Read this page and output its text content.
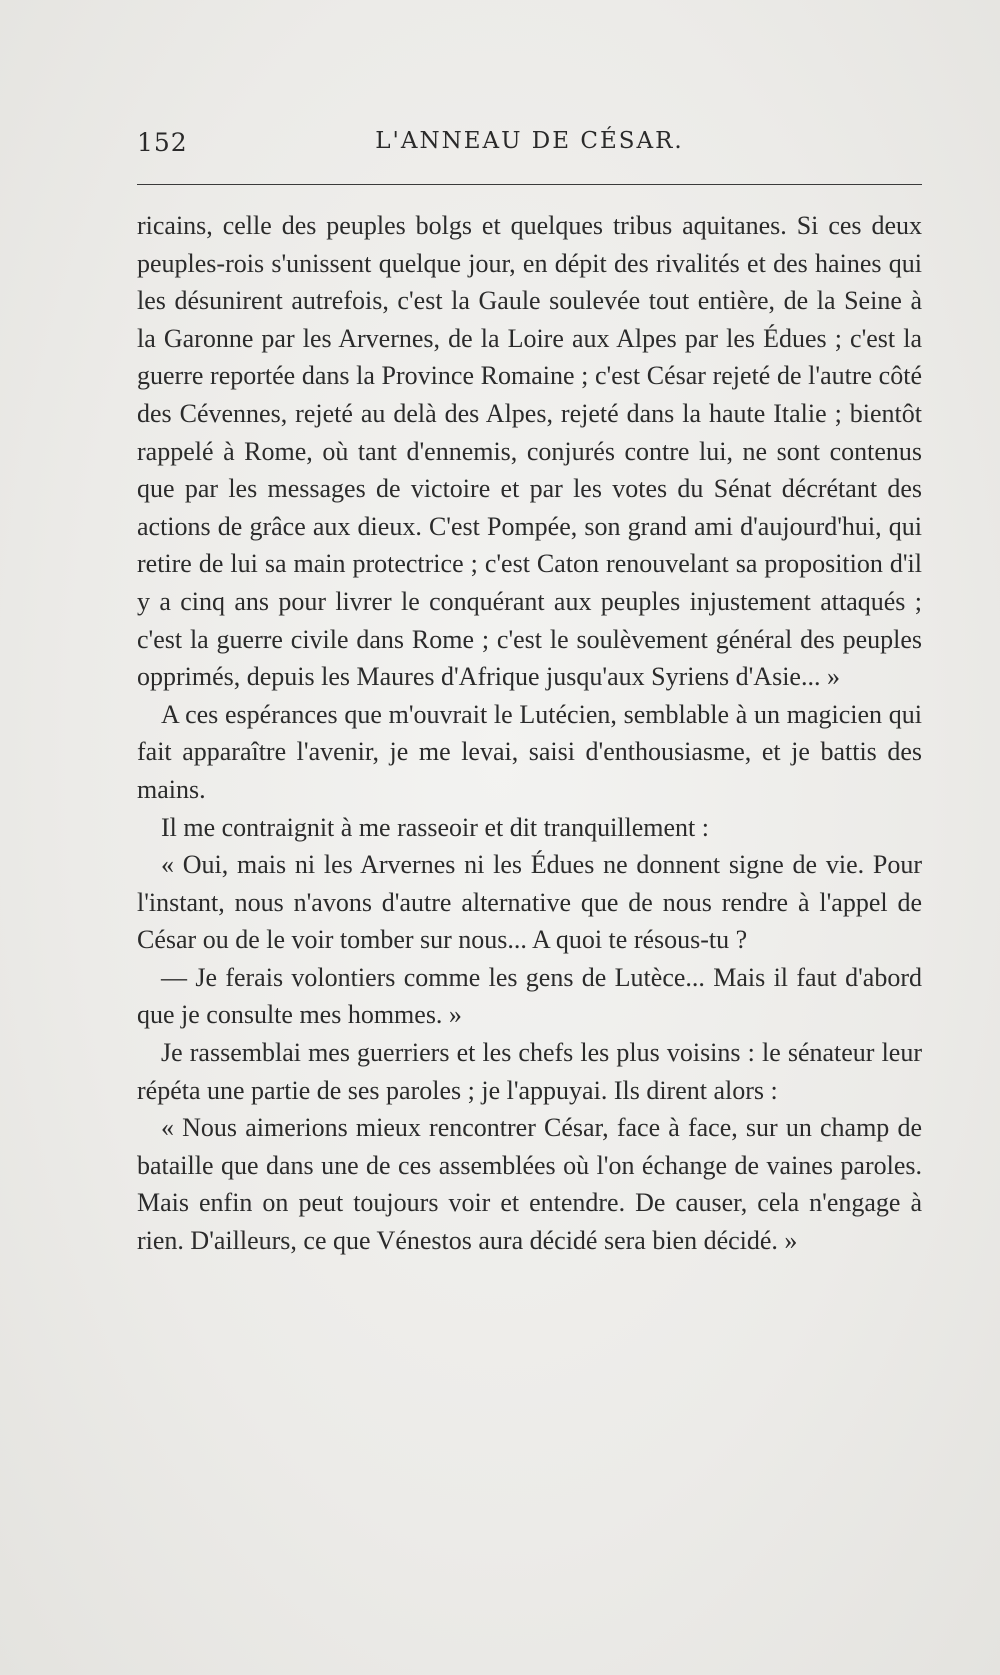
152	L'ANNEAU DE CÉSAR.

ricains, celle des peuples bolgs et quelques tribus aquitanes. Si ces deux peuples-rois s'unissent quelque jour, en dépit des rivalités et des haines qui les désunirent autrefois, c'est la Gaule soulevée tout entière, de la Seine à la Garonne par les Arvernes, de la Loire aux Alpes par les Édues ; c'est la guerre reportée dans la Province Romaine ; c'est César rejeté de l'autre côté des Cévennes, rejeté au delà des Alpes, rejeté dans la haute Italie ; bientôt rappelé à Rome, où tant d'ennemis, conjurés contre lui, ne sont contenus que par les messages de victoire et par les votes du Sénat décrétant des actions de grâce aux dieux. C'est Pompée, son grand ami d'aujourd'hui, qui retire de lui sa main protectrice ; c'est Caton renouvelant sa proposition d'il y a cinq ans pour livrer le conquérant aux peuples injustement attaqués ; c'est la guerre civile dans Rome ; c'est le soulèvement général des peuples opprimés, depuis les Maures d'Afrique jusqu'aux Syriens d'Asie... »

A ces espérances que m'ouvrait le Lutécien, semblable à un magicien qui fait apparaître l'avenir, je me levai, saisi d'enthousiasme, et je battis des mains.

Il me contraignit à me rasseoir et dit tranquillement :

« Oui, mais ni les Arvernes ni les Édues ne donnent signe de vie. Pour l'instant, nous n'avons d'autre alternative que de nous rendre à l'appel de César ou de le voir tomber sur nous... A quoi te résous-tu ?

— Je ferais volontiers comme les gens de Lutèce... Mais il faut d'abord que je consulte mes hommes. »

Je rassemblai mes guerriers et les chefs les plus voisins : le sénateur leur répéta une partie de ses paroles ; je l'appuyai. Ils dirent alors :

« Nous aimerions mieux rencontrer César, face à face, sur un champ de bataille que dans une de ces assemblées où l'on échange de vaines paroles. Mais enfin on peut toujours voir et entendre. De causer, cela n'engage à rien. D'ailleurs, ce que Vénestos aura décidé sera bien décidé. »
